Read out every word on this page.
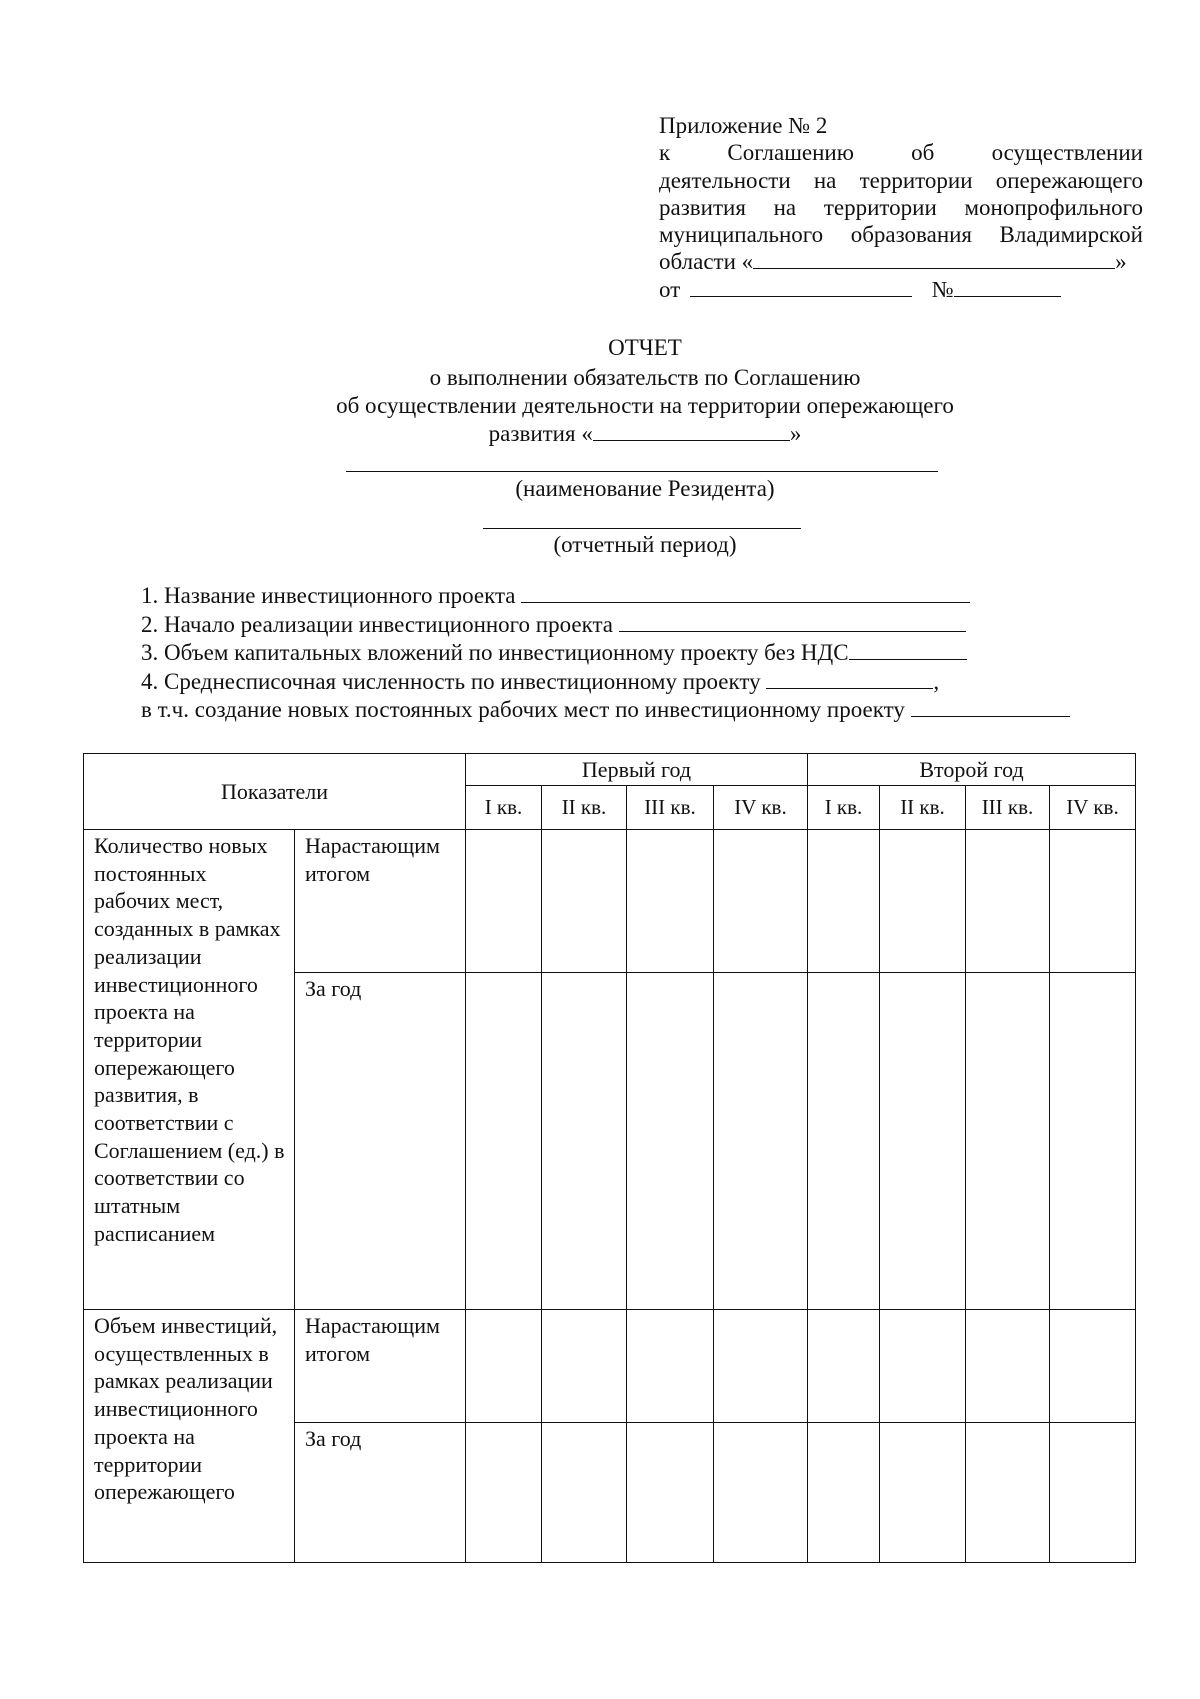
Приложение № 2
к Соглашению об осуществлении
деятельности на территории опережающего
развития на территории монопрофильного
муниципального образования Владимирской
области «	»
от	№
ОТЧЕТ
о выполнении обязательств по Соглашению
об осуществлении деятельности на территории опережающего
развития «	»
(наименование Резидента)
(отчетный период)
1. Название инвестиционного проекта
2. Начало реализации инвестиционного проекта
3. Объем капитальных вложений по инвестиционному проекту без НДС
4. Среднесписочная численность по инвестиционному проекту	,
в т.ч. создание новых постоянных рабочих мест по инвестиционному проекту
Показатели		Первый год				Второй год			
		I кв.	II кв.	III кв.	IV кв.	I кв.	II кв.	III кв.	IV кв.
Количество новых постоянных рабочих мест, созданных в рамках реализации инвестиционного проекта на территории опережающего развития, в соответствии с Соглашением (ед.) в соответствии со штатным расписанием	Нарастающим итогом								
	За год								
Объем инвестиций, осуществленных в рамках реализации инвестиционного проекта на территории опережающего	Нарастающим итогом								
	За год								
